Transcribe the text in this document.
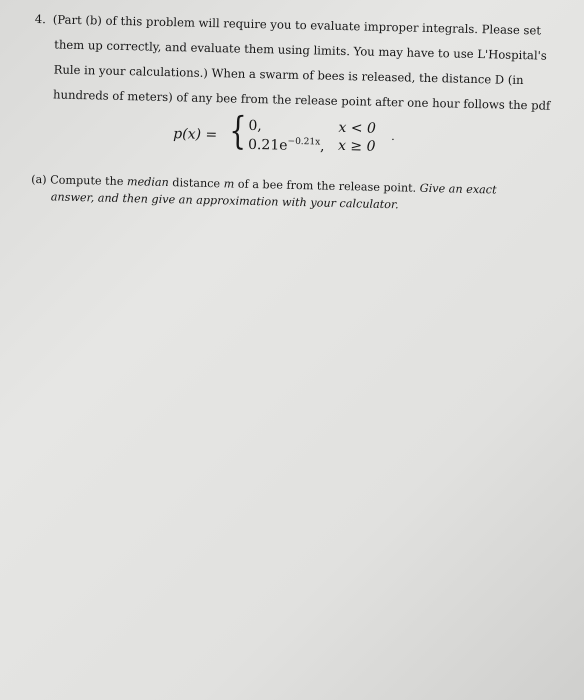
4. (Part (b) of this problem will require you to evaluate improper integrals. Please set
them up correctly, and evaluate them using limits. You may have to use L'Hospital's
Rule in your calculations.) When a swarm of bees is released, the distance D (in
hundreds of meters) of any bee from the release point after one hour follows the pdf
p(x) = { 0,	x < 0
$0.21e^{-0.21x}$, x ≥ 0 ·
(a) Compute the median distance m of a bee from the release point. Give an exact
answer, and then give an approximation with your calculator.
